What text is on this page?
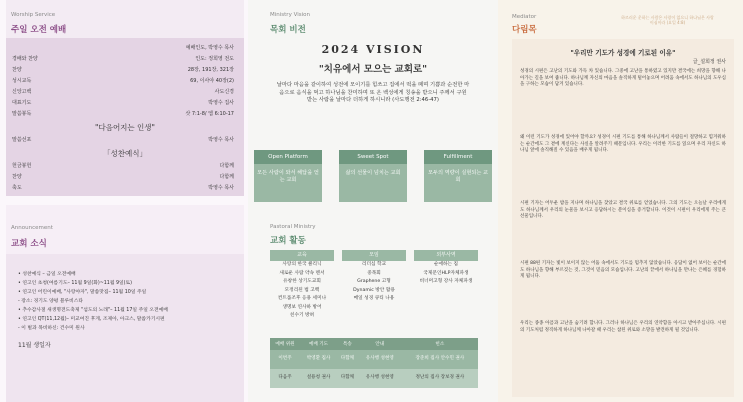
Worship Service
주일 오전 예배
예배인도, 박영수 목사
경배와 찬양	인도: 정희영 전도
찬양	28장, 191장, 321장
성시교독	69, 이사야 40장(2)
신앙고백	사도신경
대표기도	박영수 집사
말씀봉독	삿 7:1-8/ 엡 6:10-17
"다음어지는 인생"
말씀선포	박영수 목사
「성찬예식」
헌금봉헌	다함께
찬양	다함께
축도	박영수 목사
Announcement
교회 소식
• 성찬예식 – 금일 오전예배
• 연고인 초청(여름기도– 11월 9일(화)~11월 9일(토)
• 연고인 어린이예배, "사랑야자", 말씀맛집– 11월 10일 주일
- 장소: 경기도 양평 블루비스타
• 추수감사절 새생명전도축제 "섬도의 노래"– 11월 17일 주일 오전예배
• 연고인 QT(11,12월)– 미교여진 후게, 조제아, 아크스, 말씀카기시편
- 이 벌과 목비하신: 건수미 원사
11월 생일자
Ministry Vision
목회 비전
2024 VISION
"치유에서 모으는 교회로"
날마다 마음을 같이하여 성전에 모이기를 힘쓰고 집에서 떡을 떼며 기쁨과 순전한 마음으로 음식을 먹고 하나님을 찬미하며 또 온 백성에게 칭송을 받으니 주께서 구원 받는 사람을 날마다 더하게 하시니라 (사도행전 2:46-47)
Open Platform
모든 사람이 와서 해답을 얻는 교회
Sweet Spot
삶의 선물이 넘치는 교회
Fulfillment
모두의 역량이 실현되는 교회
Pastoral Ministry
교회 활동
교육
사랑의 한국 클리닉
새로운 사람 약속 멘서
유창한 상기도교회
모정리된 법 고백
컨트롤조후 응용 세미나
생명보 연사하 방어
친수기 방혀
모임
리더십 학교
중목회
Graphene 고형
Dynamic 방안 활용
매일 성경 큐티 나용
외부사역
순애하는 집
국제문인HLP자체파생
비너머고형 강사 자체파생
예배 위원	예배 기도	특송	안내	헌소
이번주	박영환 집사	다함께	유사행 성현영	장준희 집사 안수민 권사
다음주	설용청 권사	다함께	유사행 성현영	정난의 집사 장보경 권사
Mediator
다림목
하르러운 운하는 사람은 사랑이 없으니 하나님은 사랑이심이라 (요일 4:8)
"우리만 기도가 성경에 기로된 이유"
글_설희정 권사
성경의 시편은 고난의 기도와 가득 차 있습니다. 그중에 고난을 통하였고 있지만 결국에는 희망을 향해 나아가는 길을 보여 줍니다. 하나님께 자신의 마음을 솔직하게 털어놓으며 어려움 속에서도 하나님의 도우심을 구하는 모습이 담겨 있습니다.
왜 이런 기도가 성경에 있어야 할까요? 성경이 시편 기도를 통해 하나님께서 사람들이 절망하고 힘겨워하는 순간에도 그 곁에 계신다는 사실을 알려주기 때문입니다. 우리는 이러한 기도를 읽으며 우리 자신도 하나님 앞에 솔직해질 수 있음을 배우게 됩니다.
시편 기자는 어두운 밤을 지나며 하나님을 찾았고 결국 위로를 얻었습니다. 그의 기도는 오늘날 우리에게도 하나님께서 우리의 눈물을 보시고 응답하시는 분이심을 증거합니다. 이것이 시편이 우리에게 주는 큰 선물입니다.
시편 88편 기자는 빛이 보이지 않는 어둠 속에서도 기도를 멈추지 않았습니다. 응답이 없어 보이는 순간에도 하나님을 향해 부르짖는 것, 그것이 믿음의 모습입니다. 고난의 끝에서 하나님을 만나는 은혜를 경험하게 됩니다.
우리는 종종 아픔과 고난을 숨기려 합니다. 그러나 하나님은 우리의 연약함을 아시고 받아주십니다. 시편의 기도처럼 정직하게 하나님께 나아갈 때 우리는 참된 위로와 소망을 발견하게 될 것입니다.
